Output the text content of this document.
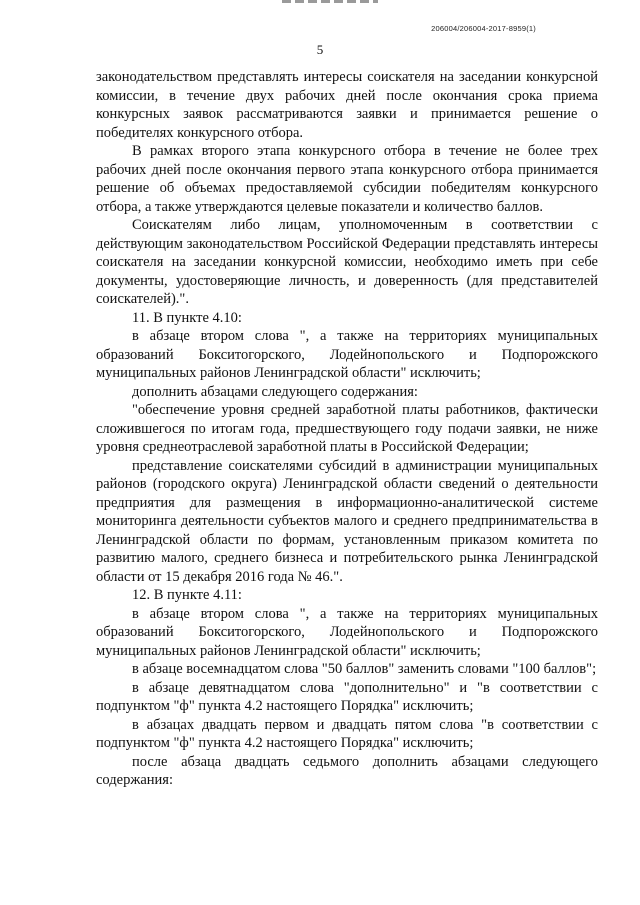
206004/206004-2017-8959(1)
5

законодательством представлять интересы соискателя на заседании конкурсной комиссии, в течение двух рабочих дней после окончания срока приема конкурсных заявок рассматриваются заявки и принимается решение о победителях конкурсного отбора.

В рамках второго этапа конкурсного отбора в течение не более трех рабочих дней после окончания первого этапа конкурсного отбора принимается решение об объемах предоставляемой субсидии победителям конкурсного отбора, а также утверждаются целевые показатели и количество баллов.

Соискателям либо лицам, уполномоченным в соответствии с действующим законодательством Российской Федерации представлять интересы соискателя на заседании конкурсной комиссии, необходимо иметь при себе документы, удостоверяющие личность, и доверенность (для представителей соискателей).".

11. В пункте 4.10:

в абзаце втором слова ", а также на территориях муниципальных образований Бокситогорского, Лодейнопольского и Подпорожского муниципальных районов Ленинградской области" исключить;

дополнить абзацами следующего содержания:

"обеспечение уровня средней заработной платы работников, фактически сложившегося по итогам года, предшествующего году подачи заявки, не ниже уровня среднеотраслевой заработной платы в Российской Федерации;

представление соискателями субсидий в администрации муниципальных районов (городского округа) Ленинградской области сведений о деятельности предприятия для размещения в информационно-аналитической системе мониторинга деятельности субъектов малого и среднего предпринимательства в Ленинградской области по формам, установленным приказом комитета по развитию малого, среднего бизнеса и потребительского рынка Ленинградской области от 15 декабря 2016 года № 46.".

12. В пункте 4.11:

в абзаце втором слова ", а также на территориях муниципальных образований Бокситогорского, Лодейнопольского и Подпорожского муниципальных районов Ленинградской области" исключить;

в абзаце восемнадцатом слова "50 баллов" заменить словами "100 баллов";

в абзаце девятнадцатом слова "дополнительно" и "в соответствии с подпунктом "ф" пункта 4.2 настоящего Порядка" исключить;

в абзацах двадцать первом и двадцать пятом слова "в соответствии с подпунктом "ф" пункта 4.2 настоящего Порядка" исключить;

после абзаца двадцать седьмого дополнить абзацами следующего содержания:
